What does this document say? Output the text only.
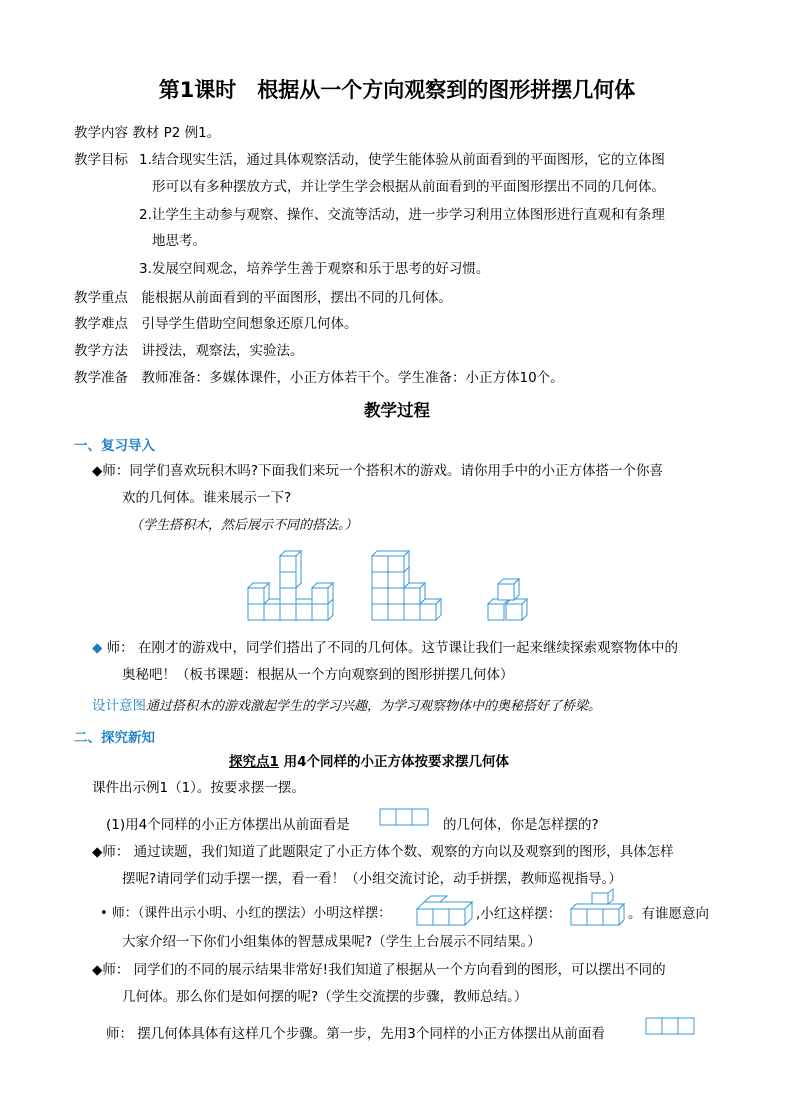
第1课时　根据从一个方向观察到的图形拼摆几何体
教学内容 教材 P2 例1。
教学目标 1.结合现实生活，通过具体观察活动，使学生能体验从前面看到的平面图形，它的立体图
形可以有多种摆放方式，并让学生学会根据从前面看到的平面图形摆出不同的几何体。
2.让学生主动参与观察、操作、交流等活动，进一步学习利用立体图形进行直观和有条理
地思考。
3.发展空间观念，培养学生善于观察和乐于思考的好习惯。
教学重点　能根据从前面看到的平面图形，摆出不同的几何体。
教学难点　引导学生借助空间想象还原几何体。
教学方法　讲授法，观察法，实验法。
教学准备　教师准备：多媒体课件，小正方体若干个。学生准备：小正方体10个。
教学过程
一、复习导入
◆师：同学们喜欢玩积木吗?下面我们来玩一个搭积木的游戏。请你用手中的小正方体搭一个你喜
欢的几何体。谁来展示一下?
（学生搭积木，然后展示不同的搭法。）
◆ 师： 在刚才的游戏中，同学们搭出了不同的几何体。这节课让我们一起来继续探索观察物体中的
奥秘吧！（板书课题：根据从一个方向观察到的图形拼摆几何体）
设计意图通过搭积木的游戏激起学生的学习兴趣，为学习观察物体中的奥秘搭好了桥梁。
二、探究新知
探究点1 用4个同样的小正方体按要求摆几何体
课件出示例1（1）。按要求摆一摆。
(1)用4个同样的小正方体摆出从前面看是	的几何体，你是怎样摆的?
◆师： 通过读题，我们知道了此题限定了小正方体个数、观察的方向以及观察到的图形，具体怎样
摆呢?请同学们动手摆一摆，看一看！（小组交流讨论，动手拼摆，教师巡视指导。）
• 师：（课件出示小明、小红的摆法）小明这样摆：	,小红这样摆：	。有谁愿意向
大家介绍一下你们小组集体的智慧成果呢?（学生上台展示不同结果。）
◆师： 同学们的不同的展示结果非常好!我们知道了根据从一个方向看到的图形，可以摆出不同的
几何体。那么你们是如何摆的呢?（学生交流摆的步骤，教师总结。）
师： 摆几何体具体有这样几个步骤。第一步，先用3个同样的小正方体摆出从前面看
